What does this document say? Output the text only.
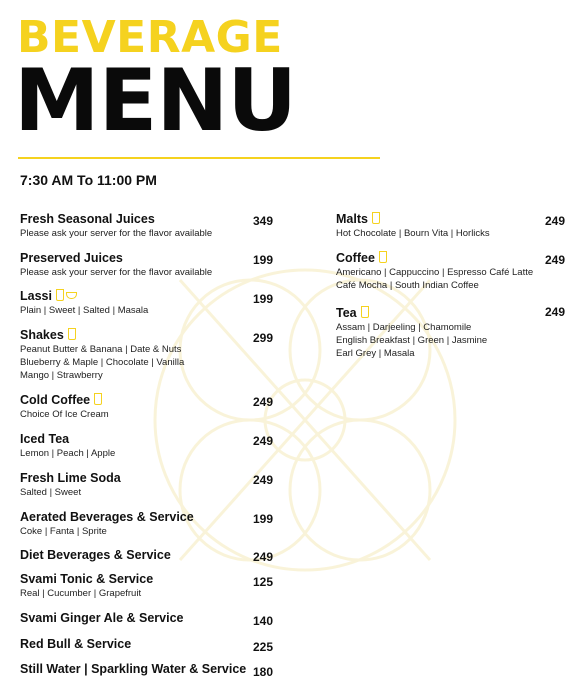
BEVERAGE
MENU
7:30 AM To 11:00 PM
Fresh Seasonal Juices
Please ask your server for the flavor available
349
Preserved Juices
Please ask your server for the flavor available
199
Lassi
Plain | Sweet | Salted | Masala
199
Shakes
Peanut Butter & Banana | Date & Nuts
Blueberry & Maple | Chocolate | Vanilla
Mango | Strawberry
299
Cold Coffee
Choice Of Ice Cream
249
Iced Tea
Lemon | Peach | Apple
249
Fresh Lime Soda
Salted | Sweet
249
Aerated Beverages & Service
Coke | Fanta | Sprite
199
Diet Beverages & Service	249
Svami Tonic & Service
Real | Cucumber | Grapefruit
125
Svami Ginger Ale & Service	140
Red Bull & Service	225
Still Water | Sparkling Water & Service 180
Malts
Hot Chocolate | Bourn Vita | Horlicks
249
Coffee
Americano | Cappuccino | Espresso Café Latte
Café Mocha | South Indian Coffee
249
Tea
Assam | Darjeeling | Chamomile
English Breakfast | Green | Jasmine
Earl Grey | Masala
249
